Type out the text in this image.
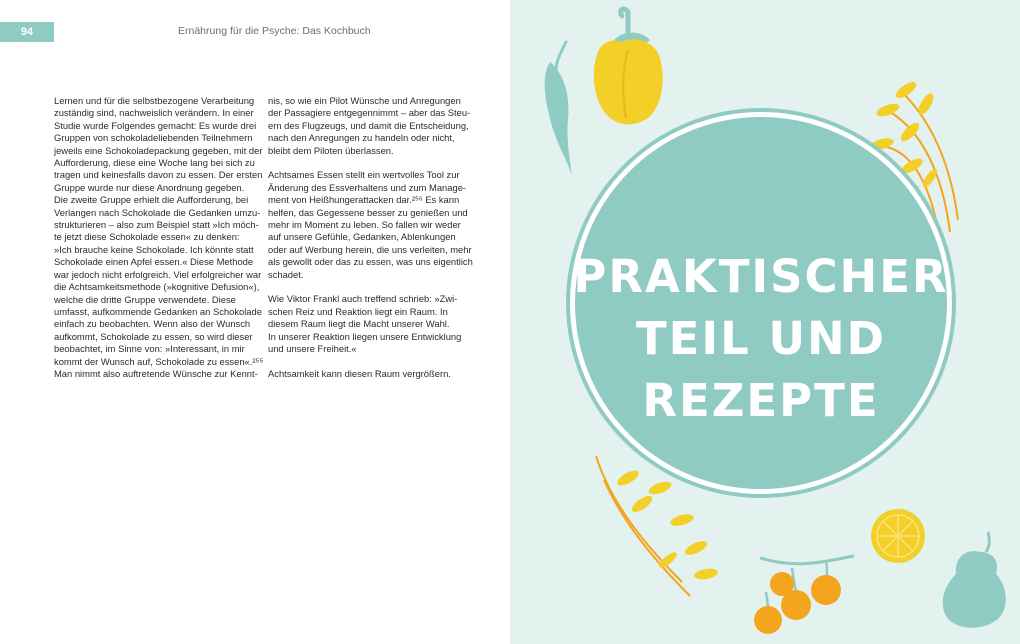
94	Ernährung für die Psyche: Das Kochbuch
Lernen und für die selbstbezogene Verarbeitung
zuständig sind, nachweislich verändern. In einer
Studie wurde Folgendes gemacht: Es wurde drei
Gruppen von schokoladeliebenden Teilnehmern
jeweils eine Schokoladepackung gegeben, mit der
Aufforderung, diese eine Woche lang bei sich zu
tragen und keinesfalls davon zu essen. Der ersten
Gruppe wurde nur diese Anordnung gegeben.
Die zweite Gruppe erhielt die Aufforderung, bei
Verlangen nach Schokolade die Gedanken umzu-
strukturieren – also zum Beispiel statt »Ich möch-
te jetzt diese Schokolade essen« zu denken:
»Ich brauche keine Schokolade. Ich könnte statt
Schokolade einen Apfel essen.« Diese Methode
war jedoch nicht erfolgreich. Viel erfolgreicher war
die Achtsamkeitsmethode (»kognitive Defusion«),
welche die dritte Gruppe verwendete. Diese
umfasst, aufkommende Gedanken an Schokolade
einfach zu beobachten. Wenn also der Wunsch
aufkommt, Schokolade zu essen, so wird dieser
beobachtet, im Sinne von: »Interessant, in mir
kommt der Wunsch auf, Schokolade zu essen«.²⁵⁵
Man nimmt also auftretende Wünsche zur Kennt-
nis, so wie ein Pilot Wünsche und Anregungen
der Passagiere entgegennimmt – aber das Steu-
ern des Flugzeugs, und damit die Entscheidung,
nach den Anregungen zu handeln oder nicht,
bleibt dem Piloten überlassen.
Achtsames Essen stellt ein wertvolles Tool zur
Änderung des Essverhaltens und zum Manage-
ment von Heißhungerattacken dar.²⁵⁶ Es kann
helfen, das Gegessene besser zu genießen und
mehr im Moment zu leben. So fallen wir weder
auf unsere Gefühle, Gedanken, Ablenkungen
oder auf Werbung herein, die uns verleiten, mehr
als gewollt oder das zu essen, was uns eigentlich
schadet.
Wie Viktor Frankl auch treffend schrieb: »Zwi-
schen Reiz und Reaktion liegt ein Raum. In
diesem Raum liegt die Macht unserer Wahl.
In unserer Reaktion liegen unsere Entwicklung
und unsere Freiheit.«
Achtsamkeit kann diesen Raum vergrößern.
PRAKTISCHER
TEIL UND
REZEPTE
